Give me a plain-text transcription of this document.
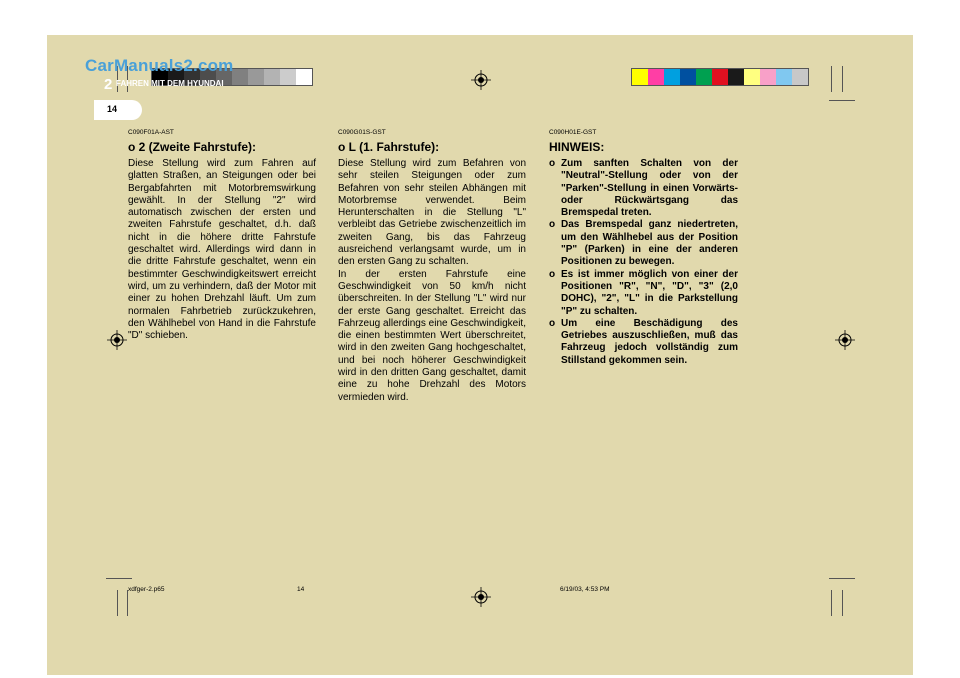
CarManuals2.com
2 FAHREN MIT DEM HYUNDAI
14
C090F01A-AST
o 2 (Zweite Fahrstufe):

Diese Stellung wird zum Fahren auf glatten Straßen, an Steigungen oder bei Bergabfahrten mit Motorbremswirkung gewählt. In der Stellung "2" wird automatisch zwischen der ersten und zweiten Fahrstufe geschaltet, d.h. daß nicht in die höhere dritte Fahrstufe geschaltet wird. Allerdings wird dann in die dritte Fahrstufe geschaltet, wenn ein bestimmter Geschwindigkeitswert erreicht wird, um zu verhindern, daß der Motor mit einer zu hohen Drehzahl läuft. Um zum normalen Fahrbetrieb zurückzukehren, den Wählhebel von Hand in die Fahrstufe "D" schieben.

C090G01S-GST
o L (1. Fahrstufe):

Diese Stellung wird zum Befahren von sehr steilen Steigungen oder zum Befahren von sehr steilen Abhängen mit Motorbremse verwendet. Beim Herunterschalten in die Stellung "L" verbleibt das Getriebe zwischenzeitlich im zweiten Gang, bis das Fahrzeug ausreichend verlangsamt wurde, um in den ersten Gang zu schalten.

In der ersten Fahrstufe eine Geschwindigkeit von 50 km/h nicht überschreiten. In der Stellung "L" wird nur der erste Gang geschaltet. Erreicht das Fahrzeug allerdings eine Geschwindigkeit, die einen bestimmten Wert überschreitet, wird in den zweiten Gang hochgeschaltet, und bei noch höherer Geschwindigkeit wird in den dritten Gang geschaltet, damit eine zu hohe Drehzahl des Motors vermieden wird.

C090H01E-GST
HINWEIS:
o Zum sanften Schalten von der "Neutral"-Stellung oder von der "Parken"-Stellung in einen Vorwärts- oder Rückwärtsgang das Bremspedal treten.
o Das Bremspedal ganz niedertreten, um den Wählhebel aus der Position "P" (Parken) in eine der anderen Positionen zu bewegen.
o Es ist immer möglich von einer der Positionen "R", "N", "D", "3" (2,0 DOHC), "2", "L" in die Parkstellung "P" zu schalten.
o Um eine Beschädigung des Getriebes auszuschließen, muß das Fahrzeug jedoch vollständig zum Stillstand gekommen sein.
xdfger-2.p65	14	6/19/03, 4:53 PM
